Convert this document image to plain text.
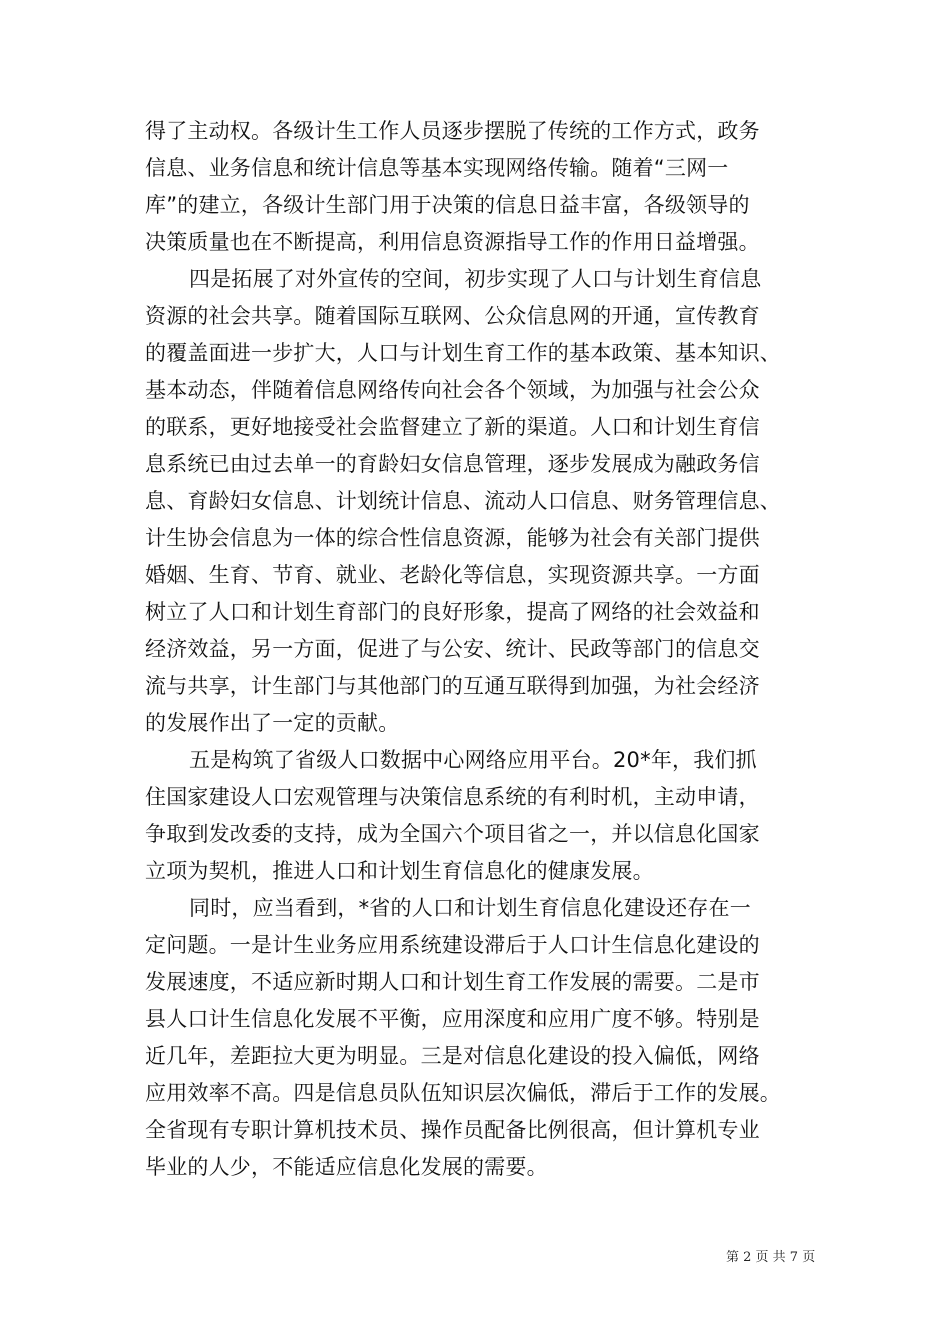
得了主动权。各级计生工作人员逐步摆脱了传统的工作方式，政务
信息、业务信息和统计信息等基本实现网络传输。随着“三网一
库”的建立，各级计生部门用于决策的信息日益丰富，各级领导的
决策质量也在不断提高，利用信息资源指导工作的作用日益增强。
四是拓展了对外宣传的空间，初步实现了人口与计划生育信息
资源的社会共享。随着国际互联网、公众信息网的开通，宣传教育
的覆盖面进一步扩大，人口与计划生育工作的基本政策、基本知识、
基本动态，伴随着信息网络传向社会各个领域，为加强与社会公众
的联系，更好地接受社会监督建立了新的渠道。人口和计划生育信
息系统已由过去单一的育龄妇女信息管理，逐步发展成为融政务信
息、育龄妇女信息、计划统计信息、流动人口信息、财务管理信息、
计生协会信息为一体的综合性信息资源，能够为社会有关部门提供
婚姻、生育、节育、就业、老龄化等信息，实现资源共享。一方面
树立了人口和计划生育部门的良好形象，提高了网络的社会效益和
经济效益，另一方面，促进了与公安、统计、民政等部门的信息交
流与共享，计生部门与其他部门的互通互联得到加强，为社会经济
的发展作出了一定的贡献。
五是构筑了省级人口数据中心网络应用平台。20*年，我们抓
住国家建设人口宏观管理与决策信息系统的有利时机，主动申请，
争取到发改委的支持，成为全国六个项目省之一，并以信息化国家
立项为契机，推进人口和计划生育信息化的健康发展。
同时，应当看到，*省的人口和计划生育信息化建设还存在一
定问题。一是计生业务应用系统建设滞后于人口计生信息化建设的
发展速度，不适应新时期人口和计划生育工作发展的需要。二是市
县人口计生信息化发展不平衡，应用深度和应用广度不够。特别是
近几年，差距拉大更为明显。三是对信息化建设的投入偏低，网络
应用效率不高。四是信息员队伍知识层次偏低，滞后于工作的发展。
全省现有专职计算机技术员、操作员配备比例很高，但计算机专业
毕业的人少，不能适应信息化发展的需要。
第 2 页 共 7 页
